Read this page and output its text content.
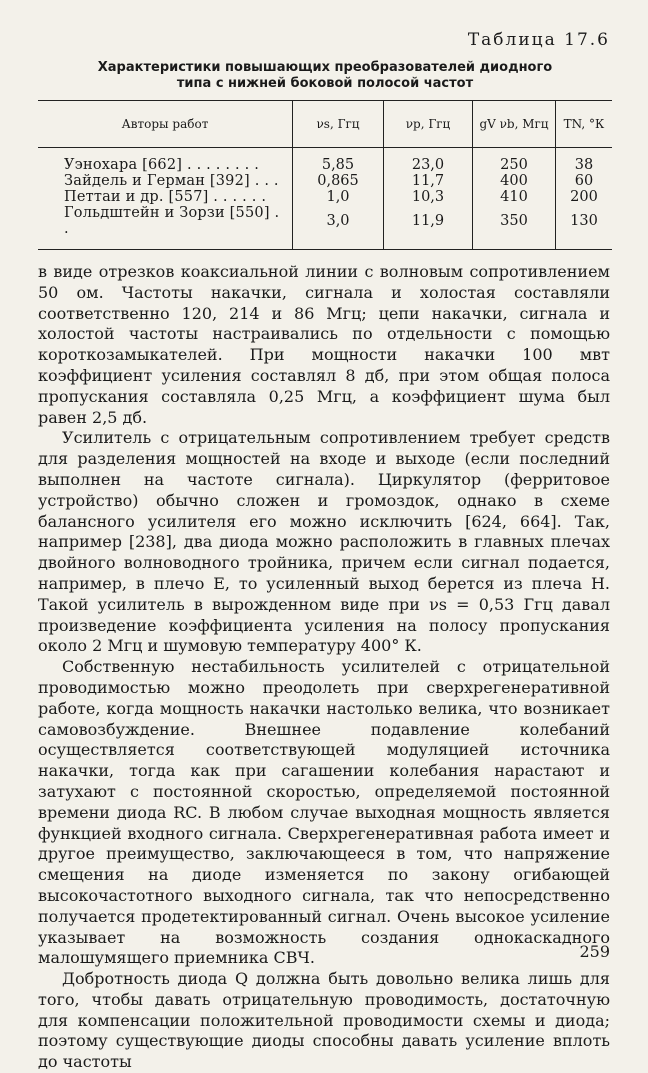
Таблица 17.6
Характеристики повышающих преобразователей диодного
типа с нижней боковой полосой частот
Авторы работ	νs, Ггц	νp, Ггц	gV νb, Мгц	TN, °К

Уэнохара [662] . . . . . . . .	5,85	23,0	250	38
Зайдель и Герман [392] . . .	0,865	11,7	400	60
Петтаи и др. [557] . . . . . .	1,0	10,3	410	200
Гольдштейн и Зорзи [550] . .	3,0	11,9	350	130

в виде отрезков коаксиальной линии с волновым сопротивлением 50 ом. Частоты накачки, сигнала и холостая составляли соответственно 120, 214 и 86 Мгц; цепи накачки, сигнала и холостой частоты настраивались по отдельности с помощью короткозамыкателей. При мощности накачки 100 мвт коэффициент усиления составлял 8 дб, при этом общая полоса пропускания составляла 0,25 Мгц, а коэффициент шума был равен 2,5 дб.

Усилитель с отрицательным сопротивлением требует средств для разделения мощностей на входе и выходе (если последний выполнен на частоте сигнала). Циркулятор (ферритовое устройство) обычно сложен и громоздок, однако в схеме балансного усилителя его можно исключить [624, 664]. Так, например [238], два диода можно расположить в главных плечах двойного волноводного тройника, причем если сигнал подается, например, в плечо E, то усиленный выход берется из плеча H. Такой усилитель в вырожденном виде при νs = 0,53 Ггц давал произведение коэффициента усиления на полосу пропускания около 2 Мгц и шумовую температуру 400° К.

Собственную нестабильность усилителей с отрицательной проводимостью можно преодолеть при сверхрегенеративной работе, когда мощность накачки настолько велика, что возникает самовозбуждение. Внешнее подавление колебаний осуществляется соответствующей модуляцией источника накачки, тогда как при сагашении колебания нарастают и затухают с постоянной скоростью, определяемой постоянной времени диода RC. В любом случае выходная мощность является функцией входного сигнала. Сверхрегенеративная работа имеет и другое преимущество, заключающееся в том, что напряжение смещения на диоде изменяется по закону огибающей высокочастотного выходного сигнала, так что непосредственно получается продетектированный сигнал. Очень высокое усиление указывает на возможность создания однокаскадного малошумящего приемника СВЧ.

Добротность диода Q должна быть довольно велика лишь для того, чтобы давать отрицательную проводимость, достаточную для компенсации положительной проводимости схемы и диода; поэтому существующие диоды способны давать усиление вплоть до частоты

259
